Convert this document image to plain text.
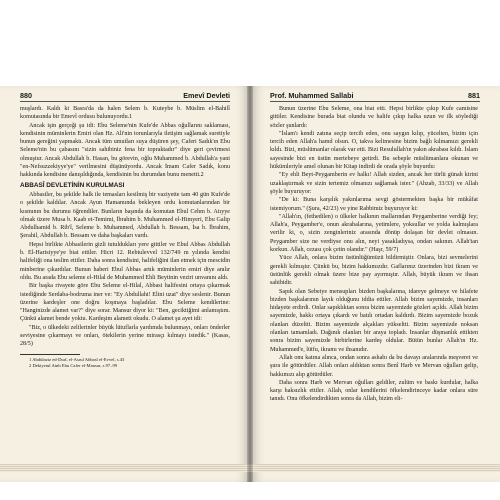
880	Emevî Devleti

muşlardı. Kaldı ki Basra'da da halen Selem b. Kuteybe b. Müslim el-Bahilî komutasında bir Emevî ordusu bulunuyordu.1

Ancak işin gerçeği şu idi: Ebu Seleme'nin Kufe'de Abbas oğullarını saklaması, kendisinin müminlerin Emiri olan Hz. Ali'nin torunlarıyla iletişim sağlamak suretiyle bunun gereğini yapmaktı. Ancak tüm umutları suya düşüren şey, Caferi Sadık'ın Ebu Seleme'nin bu çabasını "sizin sahibiniz fena bir topraktadır" diye geri çevirmesi olmuştur. Ancak Abdullah b. Hasan, bu görevin, oğlu Muhammed b. Abdullah'a yani "en-Nefsuzzekiyye'ye" verilmesini düşünüyordu. Ancak İmam Cafer Sadık, konu hakkında kendisine danışıldığında, kendisinin bu durumdan bunu menetti.2

ABBASÎ DEVLETİNİN KURULMASI

Abbasiler, bu şekilde halk ile temasları kesilmiş bir vaziyette tam 40 gün Kufe'de o şekilde kaldılar. Ancak Ayun Hamamında bekleyen ordu komutanlarından bir kısmının bu durumu öğrendiler. Bunların başında da komutan Ebul Cehm b. Atıyye olmak üzere Musa b. Kaab et-Temimi, İbrahim b. Muhammed el-Himyeri, Ebu Galip Abdulhamid b. Rib'î, Seleme b. Muhammed, Abdullah b. Bessam, İsa b. İbrahim, Şerahil, Abdullah b. Bessam ve daha başkaları vardı.

Hepsi birlikte Abbasilerin gizli tutuldukları yere gittiler ve Ebul Abbas Abdullah b. El-Harisiyye'ye biat ettiler. Hicri 12. Rebiulevvel 132/749 m yılında kendisi halifeliği ona teslim ettiler. Daha sonra kendisini, halifeliğini ilan etmek için mescidin minberine çıkardılar. Bunun haberi Ebul Abbas artık müminlerin emiri diye anılır oldu. Bu arada Ebu seleme el-Hilal de Muhammed Ehli Beytinin veziri unvanını aldı.

Bir başka rivayete göre Ebu Seleme el-Hilal, Abbasi halifesini ortaya çıkarmak istediğinde Serdaba-bodruma iner ve: "Ey Abdullahi! Elini uzat" diye seslenir. Bunun üzerine kardeşler one doğru koşmaya başladılar. Ebu Seleme kendilerine: "Hanginizde alamet var?" diye sorar. Mansur diyor ki: "Ben, geciktiğimi anlamıştım. Çünkü alamet bende yoktu. Kardeşim alameti okudu. O alamet şu ayet idi:

"Biz, o ülkedeki zelilerinler büyük lütuflarla yardımda bulunmayı, onları önderler seviyesine çıkarmayı ve onları, ötekilerin yerine mirasçı kılmayı istedik." (Kasas, 28/5)

1 Abdülaziz ed-Durî, el-Asrul Abbasî el-Evvel, s.43

2 Dekiyetul Ainb Ebu Cafer el-Mansur, s.97–99

Prof. Muhammed Sallabi	881

Bunun üzerine Ebu Seleme, ona biat etti. Hepsi birlikte çıkıp Kufe camisine gittiler. Kendisine burada biat olundu ve halife çıkıp halka uzun ve ilk söylediği sözler şunlardı:

"İslam'ı kendi zatına seçip tercih eden, onu saygın kılıp, yücelten, bizim için tercih eden Allah'a hamd olsun. O, takva kelimesine bizim bağlı kılmamızı gerekli kıldı. Bizi, müslümanlar olarak var etti. Bizi Resulullah'ın yakın akrabası kıldı. İslam sayesinde bizi en üstün mertebeye getirdi. Bu sebeple müslümanlara okunan ve hükümleriyle amel olunan bir Kitap indirdi de orada şöyle buyurdu:

"Ey ehli Beyt-Peygamberin ev halkı! Allah sizden, ancak her türlü günah kirini uzaklaştırmak ve sizin tertemiz olmanızı sağlamak ister." (Ahzab, 33/33) ve Allah şöyle buyuruyor:

"De ki: Buna karşılık yakınlarıma sevgi göstermekten başka bir mükâfat istemiyorum." (Şura, 42/23) ve yine Rabbimiz buyuruyor ki:

"Allah'ın, (fethedilen) o ülkeler halkının mallarından Peygamberine verdiği fey; Allah'a, Peygamber'e, onun akrabalarına, yetimlere, yoksullar ve yolda kalmışlara verilir ki, o, sizin zenginleriniz arasında dönüp dolaşan bir devlet olmasın. Peygamber size ne verdiyse onu alın, neyi yasakladıysa, ondan sakının. Allah'tan korkun. Allah, cezası çok çetin olandır." (Haşr, 59/7)

Yüce Allah, onlara bizim üstünlüğümüzü bildirmiştir. Onlara, bizi sevmelerini gerekli kılmıştır. Çünkü bu, bizim hakkımızdır. Gaflarınız üzerinden bizi ikram ve üstünlük gerekli olmak üzere bize pay ayırmıştır. Allah, büyük ikram ve ihsan sahibidir.

Sapık olan Sebeiye mensupları bizden başkalarına, idareye gelmeye ve hilafete bizden başkalarının layık olduğunu iddia ettiler. Allah bizim sayemizde, insanları hidayete erdirdi. Onlar sapıklıktan sonra bizim sayemizde gözleri açıldı. Allah bizim sayemizde, hakkı ortaya çıkardı ve batılı ortadan kaldırdı. Bizim sayemizde bozuk olanları düzeltti. Bizim sayemizde alçakları yükseltti. Bizim sayemizde noksan olanları tamamladı. Dağınık olanları bir araya topladı. İnsanlar düşmanlık ettikten sonra bizim sayemizde birbirlerine kardeş oldular. Bütün bunlar Allah'ın Hz. Muhammed'e, lütfu, ikramı ve ihsanıdır.

Allah onu katına alınca, ondan sonra ashabı da bu davayı aralarında meşveret ve şura ile götürdüler. Allah onları aldıktan sonra Benî Harb ve Mervan oğulları gelip, hakkımızı alıp götürdüler.

Daha sonra Harb ve Mervan oğulları geldiler, zulüm ve baskı kurdular, halka karşı haksızlık ettiler. Allah, onlar kendilerini öfkelendirinceye kadar onlara süre tanıdı. Onu öfkelendirdikten sonra da Allah, bizim eli-
